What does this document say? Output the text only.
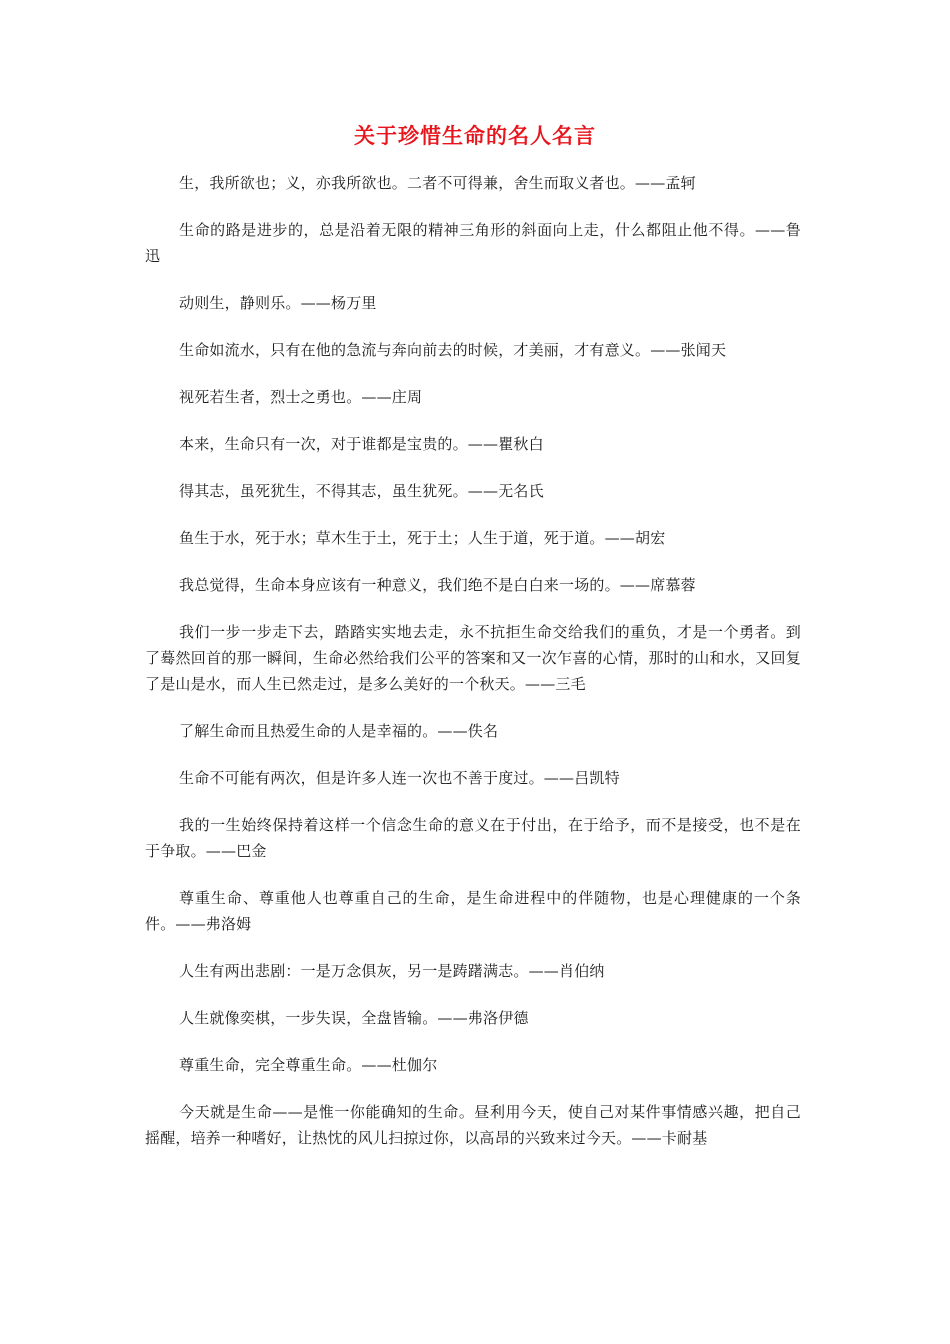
关于珍惜生命的名人名言

生，我所欲也；义，亦我所欲也。二者不可得兼，舍生而取义者也。——孟轲

生命的路是进步的，总是沿着无限的精神三角形的斜面向上走，什么都阻止他不得。——鲁迅

动则生，静则乐。——杨万里

生命如流水，只有在他的急流与奔向前去的时候，才美丽，才有意义。——张闻天

视死若生者，烈士之勇也。——庄周

本来，生命只有一次，对于谁都是宝贵的。——瞿秋白

得其志，虽死犹生，不得其志，虽生犹死。——无名氏

鱼生于水，死于水；草木生于土，死于土；人生于道，死于道。——胡宏

我总觉得，生命本身应该有一种意义，我们绝不是白白来一场的。——席慕蓉

我们一步一步走下去，踏踏实实地去走，永不抗拒生命交给我们的重负，才是一个勇者。到了蓦然回首的那一瞬间，生命必然给我们公平的答案和又一次乍喜的心情，那时的山和水，又回复了是山是水，而人生已然走过，是多么美好的一个秋天。——三毛

了解生命而且热爱生命的人是幸福的。——佚名

生命不可能有两次，但是许多人连一次也不善于度过。——吕凯特

我的一生始终保持着这样一个信念生命的意义在于付出，在于给予，而不是接受，也不是在于争取。——巴金

尊重生命、尊重他人也尊重自己的生命，是生命进程中的伴随物，也是心理健康的一个条件。——弗洛姆

人生有两出悲剧：一是万念俱灰，另一是踌躇满志。——肖伯纳

人生就像奕棋，一步失误，全盘皆输。——弗洛伊德

尊重生命，完全尊重生命。——杜伽尔

今天就是生命——是惟一你能确知的生命。昼利用今天，使自己对某件事情感兴趣，把自己摇醒，培养一种嗜好，让热忱的风儿扫掠过你，以高昂的兴致来过今天。——卡耐基
